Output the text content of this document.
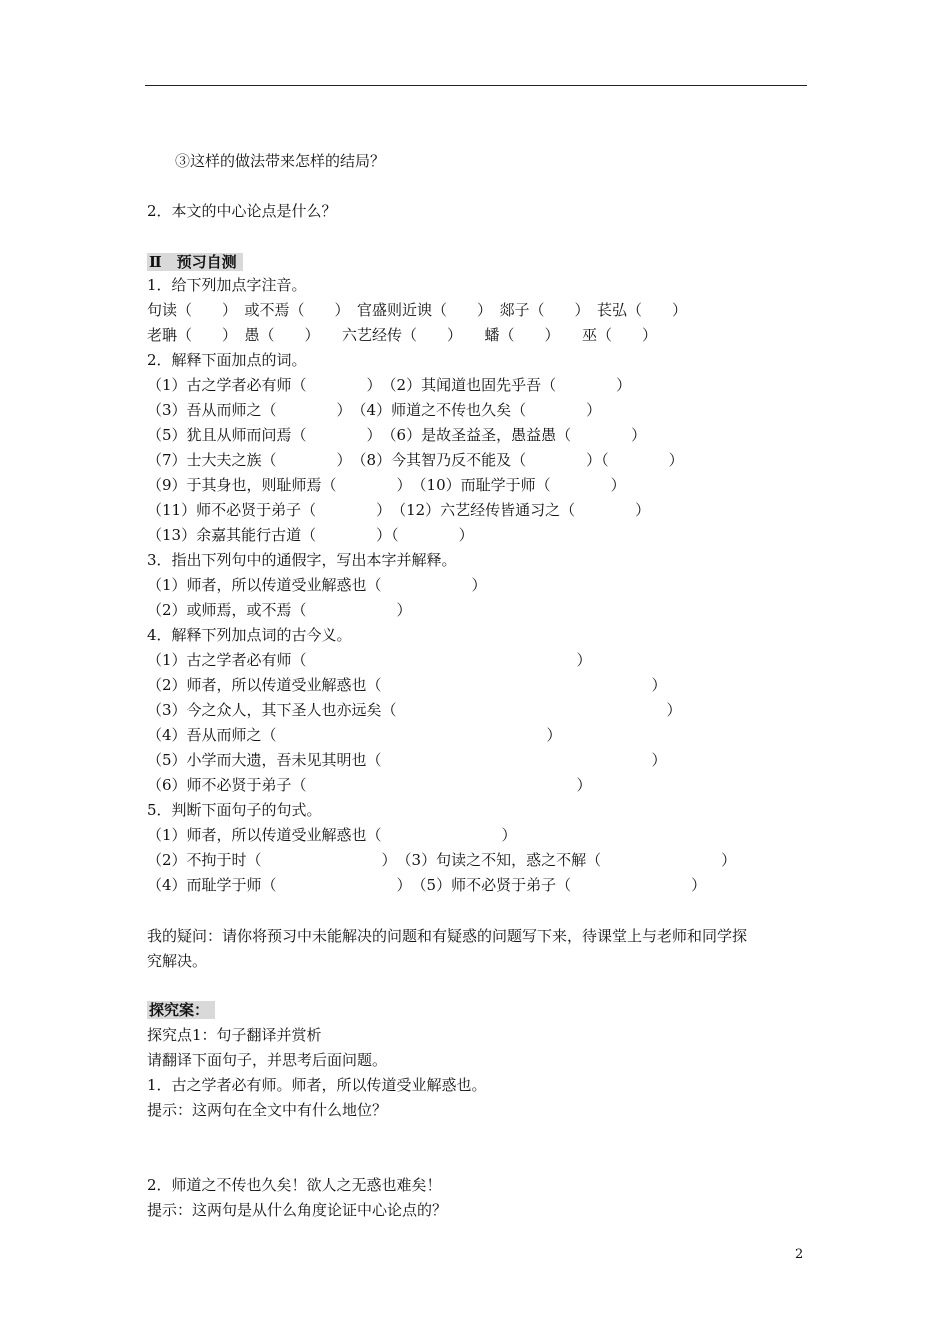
③这样的做法带来怎样的结局？
2．本文的中心论点是什么？
Ⅱ　预习自测
1．给下列加点字注音。
句读（　　）　或不焉（　　）　官盛则近谀（　　）　郯子（　　）　苌弘（　　）
老聃（　　）　愚（　　）　　六艺经传（　　）　　蟠（　　）　　巫（　　）
2．解释下面加点的词。
（1）古之学者必有师（　　　　）　（2）其闻道也固先乎吾（　　　　）
（3）吾从而师之（　　　　）　（4）师道之不传也久矣（　　　　）
（5）犹且从师而问焉（　　　　）　（6）是故圣益圣，愚益愚（　　　　）
（7）士大夫之族（　　　　）　（8）今其智乃反不能及（　　　　）（　　　　）
（9）于其身也，则耻师焉（　　　　）　（10）而耻学于师（　　　　）
（11）师不必贤于弟子（　　　　）　（12）六艺经传皆通习之（　　　　）
（13）余嘉其能行古道（　　　　）（　　　　）
3．指出下列句中的通假字，写出本字并解释。
（1）师者，所以传道受业解惑也（　　　　　　）
（2）或师焉，或不焉（　　　　　　）
4．解释下列加点词的古今义。
（1）古之学者必有师（　　　　　　　　　　　　　　　　　　）
（2）师者，所以传道受业解惑也（　　　　　　　　　　　　　　　　　　）
（3）今之众人，其下圣人也亦远矣（　　　　　　　　　　　　　　　　　　）
（4）吾从而师之（　　　　　　　　　　　　　　　　　　）
（5）小学而大遗，吾未见其明也（　　　　　　　　　　　　　　　　　　）
（6）师不必贤于弟子（　　　　　　　　　　　　　　　　　　）
5．判断下面句子的句式。
（1）师者，所以传道受业解惑也（　　　　　　　　）
（2）不拘于时（　　　　　　　　）　（3）句读之不知，惑之不解（　　　　　　　　）
（4）而耻学于师（　　　　　　　　）　（5）师不必贤于弟子（　　　　　　　　）
我的疑问：请你将预习中未能解决的问题和有疑惑的问题写下来，待课堂上与老师和同学探
究解决。
探究案：
探究点1：句子翻译并赏析
请翻译下面句子，并思考后面问题。
1．古之学者必有师。师者，所以传道受业解惑也。
提示：这两句在全文中有什么地位？
2．师道之不传也久矣！欲人之无惑也难矣！
提示：这两句是从什么角度论证中心论点的？
2
